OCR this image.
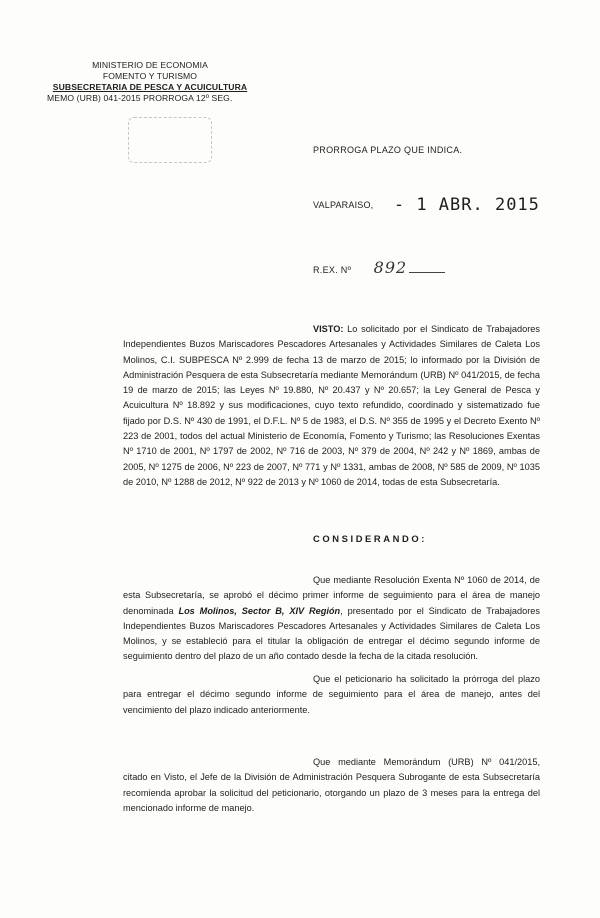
MINISTERIO DE ECONOMIA
FOMENTO Y TURISMO
SUBSECRETARIA DE PESCA Y ACUICULTURA
MEMO (URB) 041-2015 PRORROGA 12º SEG.
PRORROGA PLAZO QUE INDICA.
VALPARAISO, - 1 ABR. 2015
R.EX. Nº 892
VISTO: Lo solicitado por el Sindicato de Trabajadores Independientes Buzos Mariscadores Pescadores Artesanales y Actividades Similares de Caleta Los Molinos, C.I. SUBPESCA Nº 2.999 de fecha 13 de marzo de 2015; lo informado por la División de Administración Pesquera de esta Subsecretaría mediante Memorándum (URB) Nº 041/2015, de fecha 19 de marzo de 2015; las Leyes Nº 19.880, Nº 20.437 y Nº 20.657; la Ley General de Pesca y Acuicultura Nº 18.892 y sus modificaciones, cuyo texto refundido, coordinado y sistematizado fue fijado por D.S. Nº 430 de 1991, el D.F.L. Nº 5 de 1983, el D.S. Nº 355 de 1995 y el Decreto Exento Nº 223 de 2001, todos del actual Ministerio de Economía, Fomento y Turismo; las Resoluciones Exentas Nº 1710 de 2001, Nº 1797 de 2002, Nº 716 de 2003, Nº 379 de 2004, Nº 242 y Nº 1869, ambas de 2005, Nº 1275 de 2006, Nº 223 de 2007, Nº 771 y Nº 1331, ambas de 2008, Nº 585 de 2009, Nº 1035 de 2010, Nº 1288 de 2012, Nº 922 de 2013 y Nº 1060 de 2014, todas de esta Subsecretaría.
CONSIDERANDO:
Que mediante Resolución Exenta Nº 1060 de 2014, de esta Subsecretaría, se aprobó el décimo primer informe de seguimiento para el área de manejo denominada Los Molinos, Sector B, XIV Región, presentado por el Sindicato de Trabajadores Independientes Buzos Mariscadores Pescadores Artesanales y Actividades Similares de Caleta Los Molinos, y se estableció para el titular la obligación de entregar el décimo segundo informe de seguimiento dentro del plazo de un año contado desde la fecha de la citada resolución.
Que el peticionario ha solicitado la prórroga del plazo para entregar el décimo segundo informe de seguimiento para el área de manejo, antes del vencimiento del plazo indicado anteriormente.
Que mediante Memorándum (URB) Nº 041/2015, citado en Visto, el Jefe de la División de Administración Pesquera Subrogante de esta Subsecretaría recomienda aprobar la solicitud del peticionario, otorgando un plazo de 3 meses para la entrega del mencionado informe de manejo.
